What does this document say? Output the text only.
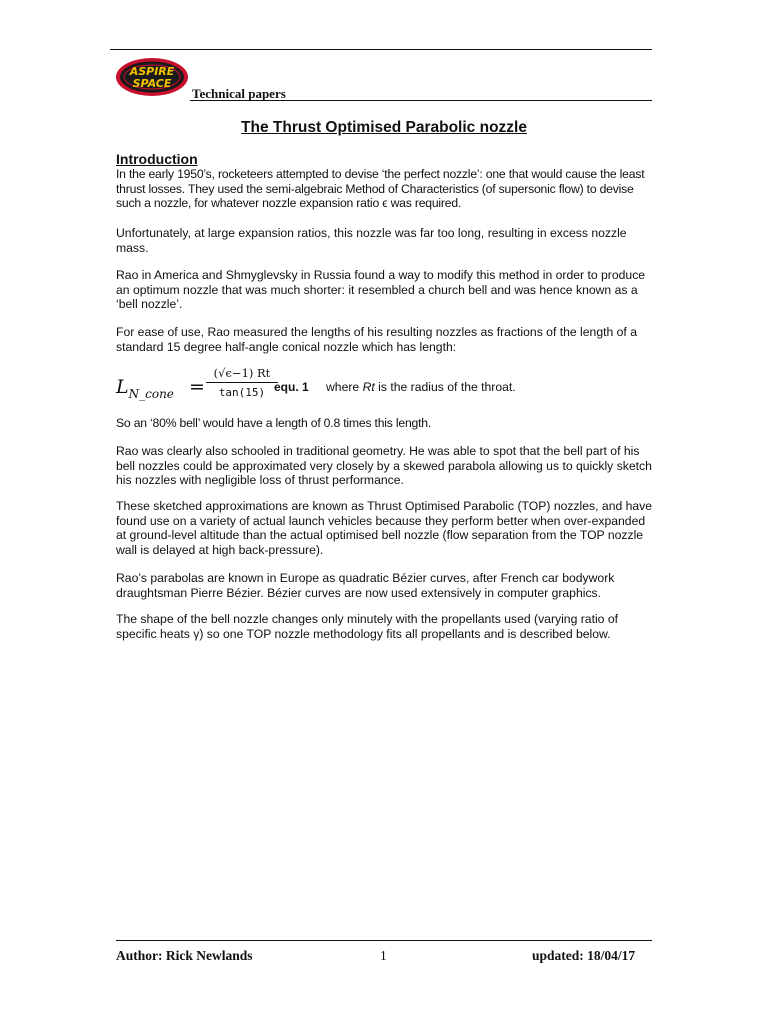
ASPIRE
SPACE
Technical papers
The Thrust Optimised Parabolic nozzle
Introduction

In the early 1950’s, rocketeers attempted to devise ‘the perfect nozzle’: one that would cause the least thrust losses. They used the semi-algebraic Method of Characteristics (of supersonic flow) to devise such a nozzle, for whatever nozzle expansion ratio ϵ was required.

Unfortunately, at large expansion ratios, this nozzle was far too long, resulting in excess nozzle mass.

Rao in America and Shmyglevsky in Russia found a way to modify this method in order to produce an optimum nozzle that was much shorter: it resembled a church bell and was hence known as a ‘bell nozzle’.

For ease of use, Rao measured the lengths of his resulting nozzles as fractions of the length of a standard 15 degree half-angle conical nozzle which has length:

$L_{N\_cone}$ =
(√ϵ−1) Rt
tan(15) equ. 1 where Rt is the radius of the throat.

So an ‘80% bell’ would have a length of 0.8 times this length.

Rao was clearly also schooled in traditional geometry. He was able to spot that the bell part of his bell nozzles could be approximated very closely by a skewed parabola allowing us to quickly sketch his nozzles with negligible loss of thrust performance.

These sketched approximations are known as Thrust Optimised Parabolic (TOP) nozzles, and have found use on a variety of actual launch vehicles because they perform better when over-expanded at ground-level altitude than the actual optimised bell nozzle (flow separation from the TOP nozzle wall is delayed at high back-pressure).

Rao’s parabolas are known in Europe as quadratic Bézier curves, after French car bodywork draughtsman Pierre Bézier. Bézier curves are now used extensively in computer graphics.

The shape of the bell nozzle changes only minutely with the propellants used (varying ratio of specific heats γ) so one TOP nozzle methodology fits all propellants and is described below.

Author: Rick Newlands	1	updated: 18/04/17
